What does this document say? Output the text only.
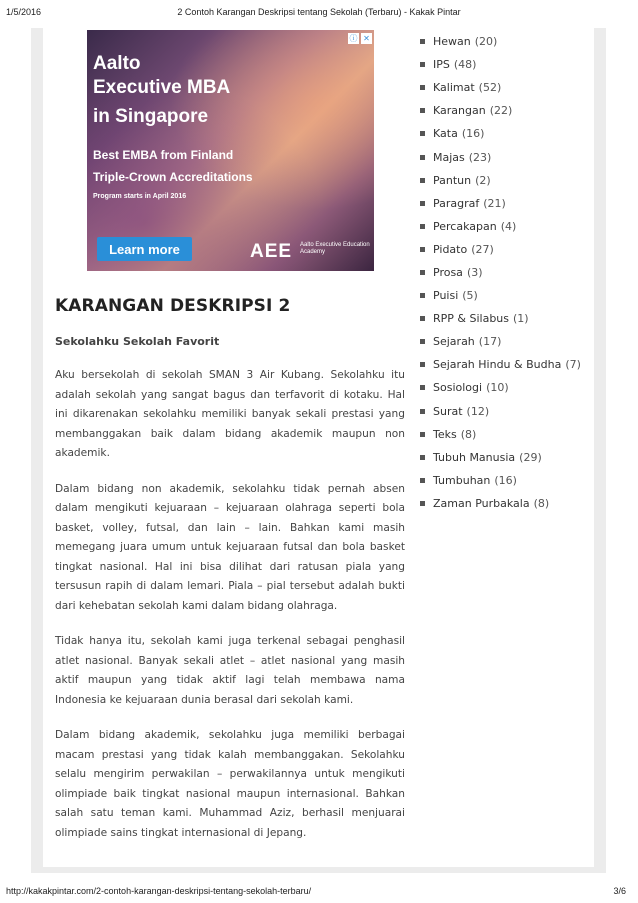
1/5/2016	2 Contoh Karangan Deskripsi tentang Sekolah (Terbaru) - Kakak Pintar
Aalto
Executive MBA
in Singapore
Best EMBA from Finland
Triple-Crown Accreditations
Program starts in April 2016
Learn more	AEE Aalto Executive Education Academy
ⓘ ✕
KARANGAN DESKRIPSI 2
Sekolahku Sekolah Favorit

Aku bersekolah di sekolah SMAN 3 Air Kubang. Sekolahku itu adalah sekolah yang sangat bagus dan terfavorit di kotaku. Hal ini dikarenakan sekolahku memiliki banyak sekali prestasi yang membanggakan baik dalam bidang akademik maupun non akademik.

Dalam bidang non akademik, sekolahku tidak pernah absen dalam mengikuti kejuaraan – kejuaraan olahraga seperti bola basket, volley, futsal, dan lain – lain. Bahkan kami masih memegang juara umum untuk kejuaraan futsal dan bola basket tingkat nasional. Hal ini bisa dilihat dari ratusan piala yang tersusun rapih di dalam lemari. Piala – pial tersebut adalah bukti dari kehebatan sekolah kami dalam bidang olahraga.

Tidak hanya itu, sekolah kami juga terkenal sebagai penghasil atlet nasional. Banyak sekali atlet – atlet nasional yang masih aktif maupun yang tidak aktif lagi telah membawa nama Indonesia ke kejuaraan dunia berasal dari sekolah kami.

Dalam bidang akademik, sekolahku juga memiliki berbagai macam prestasi yang tidak kalah membanggakan. Sekolahku selalu mengirim perwakilan – perwakilannya untuk mengikuti olimpiade baik tingkat nasional maupun internasional. Bahkan salah satu teman kami. Muhammad Aziz, berhasil menjuarai olimpiade sains tingkat internasional di Jepang.

Hewan (20)
IPS (48)
Kalimat (52)
Karangan (22)
Kata (16)
Majas (23)
Pantun (2)
Paragraf (21)
Percakapan (4)
Pidato (27)
Prosa (3)
Puisi (5)
RPP & Silabus (1)
Sejarah (17)
Sejarah Hindu & Budha (7)
Sosiologi (10)
Surat (12)
Teks (8)
Tubuh Manusia (29)
Tumbuhan (16)
Zaman Purbakala (8)
http://kakakpintar.com/2-contoh-karangan-deskripsi-tentang-sekolah-terbaru/	3/6
